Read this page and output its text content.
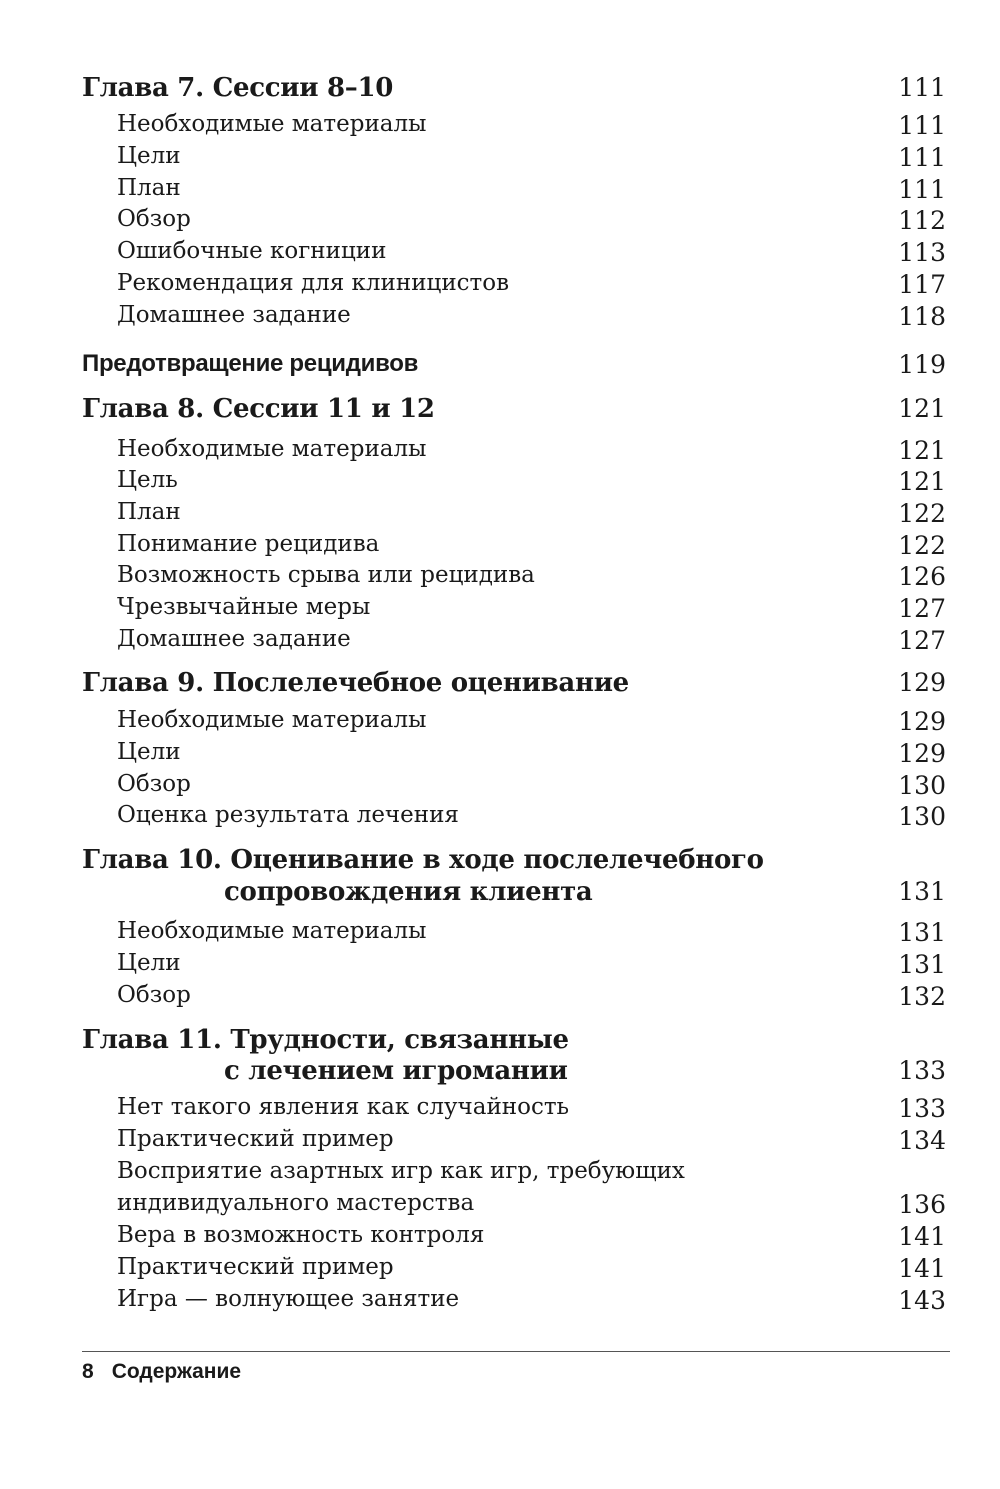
Глава 7. Сессии 8–10	111
Необходимые материалы	111
Цели	111
План	111
Обзор	112
Ошибочные когниции	113
Рекомендация для клиницистов	117
Домашнее задание	118
Предотвращение рецидивов	119
Глава 8. Сессии 11 и 12	121
Необходимые материалы	121
Цель	121
План	122
Понимание рецидива	122
Возможность срыва или рецидива	126
Чрезвычайные меры	127
Домашнее задание	127
Глава 9. Послелечебное оценивание	129
Необходимые материалы	129
Цели	129
Обзор	130
Оценка результата лечения	130
Глава 10. Оценивание в ходе послелечебного
сопровождения клиента	131
Необходимые материалы	131
Цели	131
Обзор	132
Глава 11. Трудности, связанные
с лечением игромании	133
Нет такого явления как случайность	133
Практический пример	134
Восприятие азартных игр как игр, требующих
индивидуального мастерства	136
Вера в возможность контроля	141
Практический пример	141
Игра — волнующее занятие	143
8 Содержание
